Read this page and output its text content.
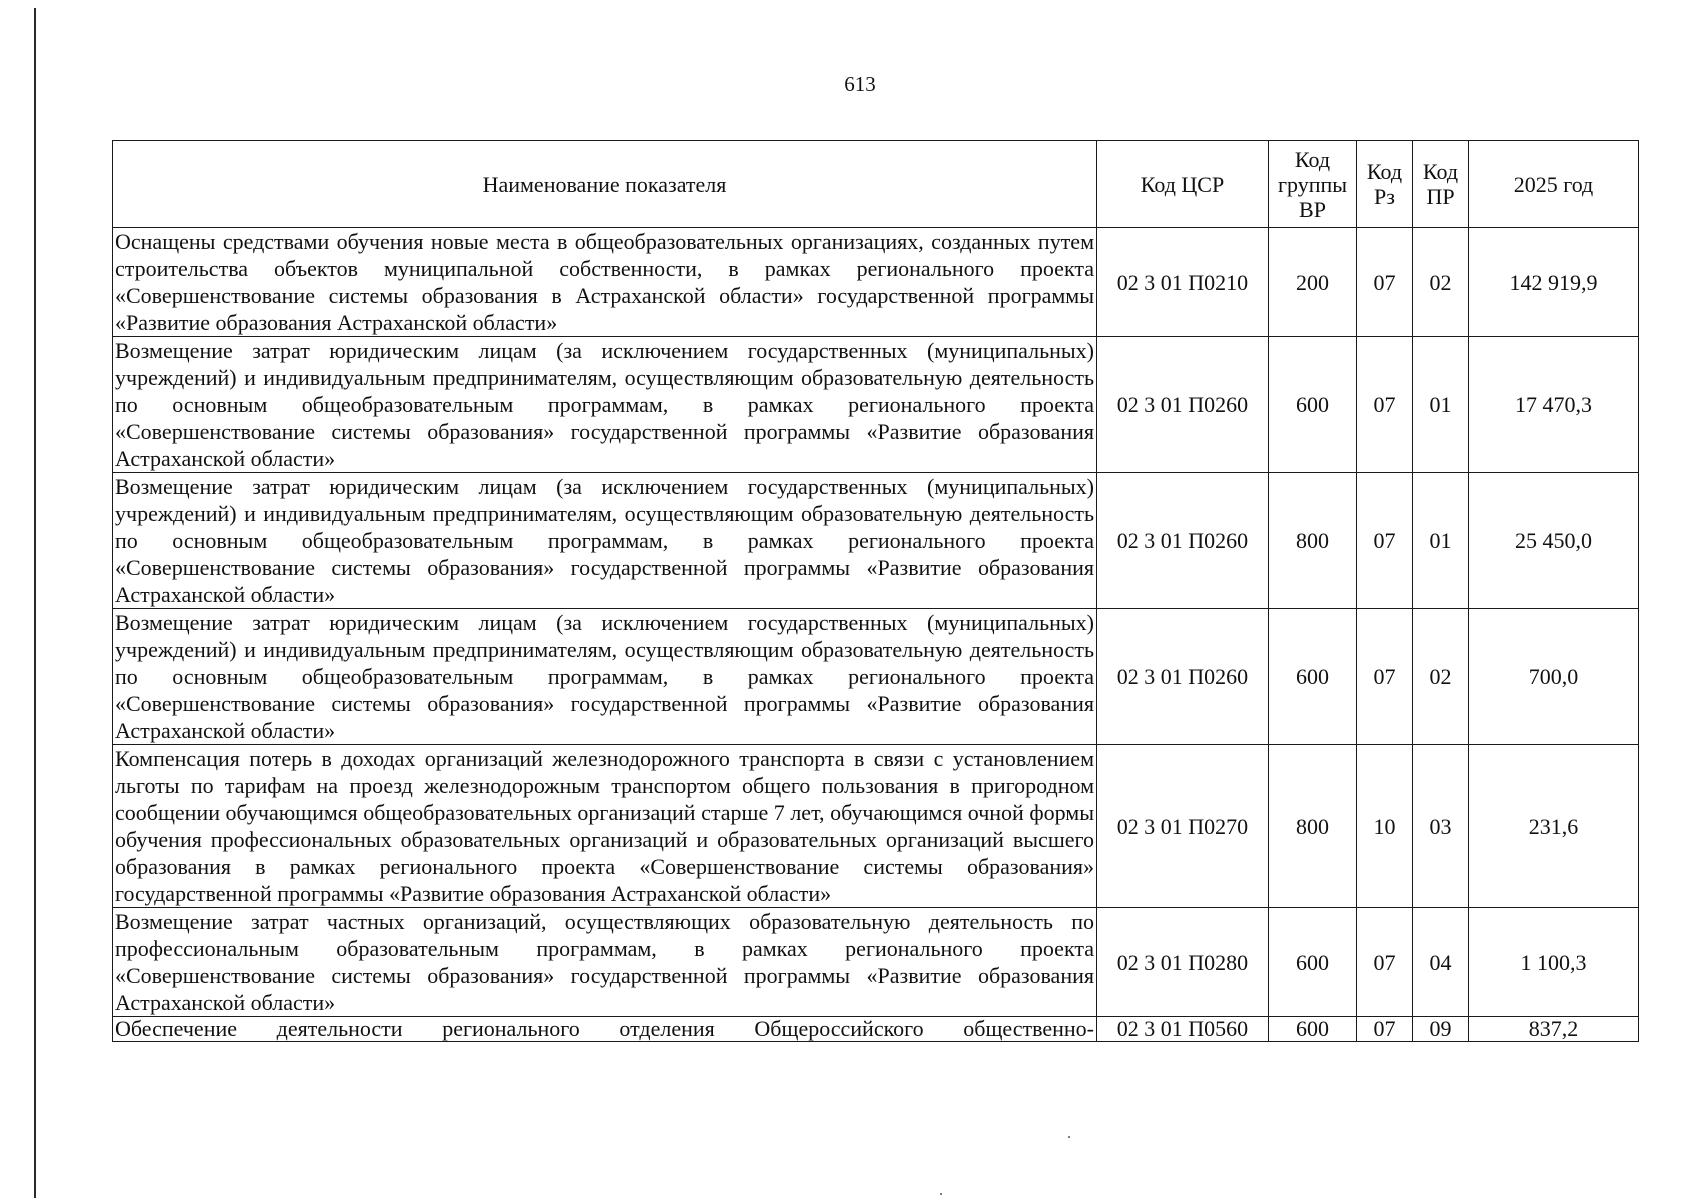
613
Наименование показателя	Код ЦСР	Код группы ВР	Код Рз	Код ПР	2025 год
Оснащены средствами обучения новые места в общеобразовательных организациях, созданных путем строительства объектов муниципальной собственности, в рамках регионального проекта «Совершенствование системы образования в Астраханской области» государственной программы «Развитие образования Астраханской области»	02 3 01 П0210	200	07	02	142 919,9
Возмещение затрат юридическим лицам (за исключением государственных (муниципальных) учреждений) и индивидуальным предпринимателям, осуществляющим образовательную деятельность по основным общеобразовательным программам, в рамках регионального проекта «Совершенствование системы образования» государственной программы «Развитие образования Астраханской области»	02 3 01 П0260	600	07	01	17 470,3
Возмещение затрат юридическим лицам (за исключением государственных (муниципальных) учреждений) и индивидуальным предпринимателям, осуществляющим образовательную деятельность по основным общеобразовательным программам, в рамках регионального проекта «Совершенствование системы образования» государственной программы «Развитие образования Астраханской области»	02 3 01 П0260	800	07	01	25 450,0
Возмещение затрат юридическим лицам (за исключением государственных (муниципальных) учреждений) и индивидуальным предпринимателям, осуществляющим образовательную деятельность по основным общеобразовательным программам, в рамках регионального проекта «Совершенствование системы образования» государственной программы «Развитие образования Астраханской области»	02 3 01 П0260	600	07	02	700,0
Компенсация потерь в доходах организаций железнодорожного транспорта в связи с установлением льготы по тарифам на проезд железнодорожным транспортом общего пользования в пригородном сообщении обучающимся общеобразовательных организаций старше 7 лет, обучающимся очной формы обучения профессиональных образовательных организаций и образовательных организаций высшего образования в рамках регионального проекта «Совершенствование системы образования» государственной программы «Развитие образования Астраханской области»	02 3 01 П0270	800	10	03	231,6
Возмещение затрат частных организаций, осуществляющих образовательную деятельность по профессиональным образовательным программам, в рамках регионального проекта «Совершенствование системы образования» государственной программы «Развитие образования Астраханской области»	02 3 01 П0280	600	07	04	1 100,3
Обеспечение деятельности регионального отделения Общероссийского общественно-	02 3 01 П0560	600	07	09	837,2
